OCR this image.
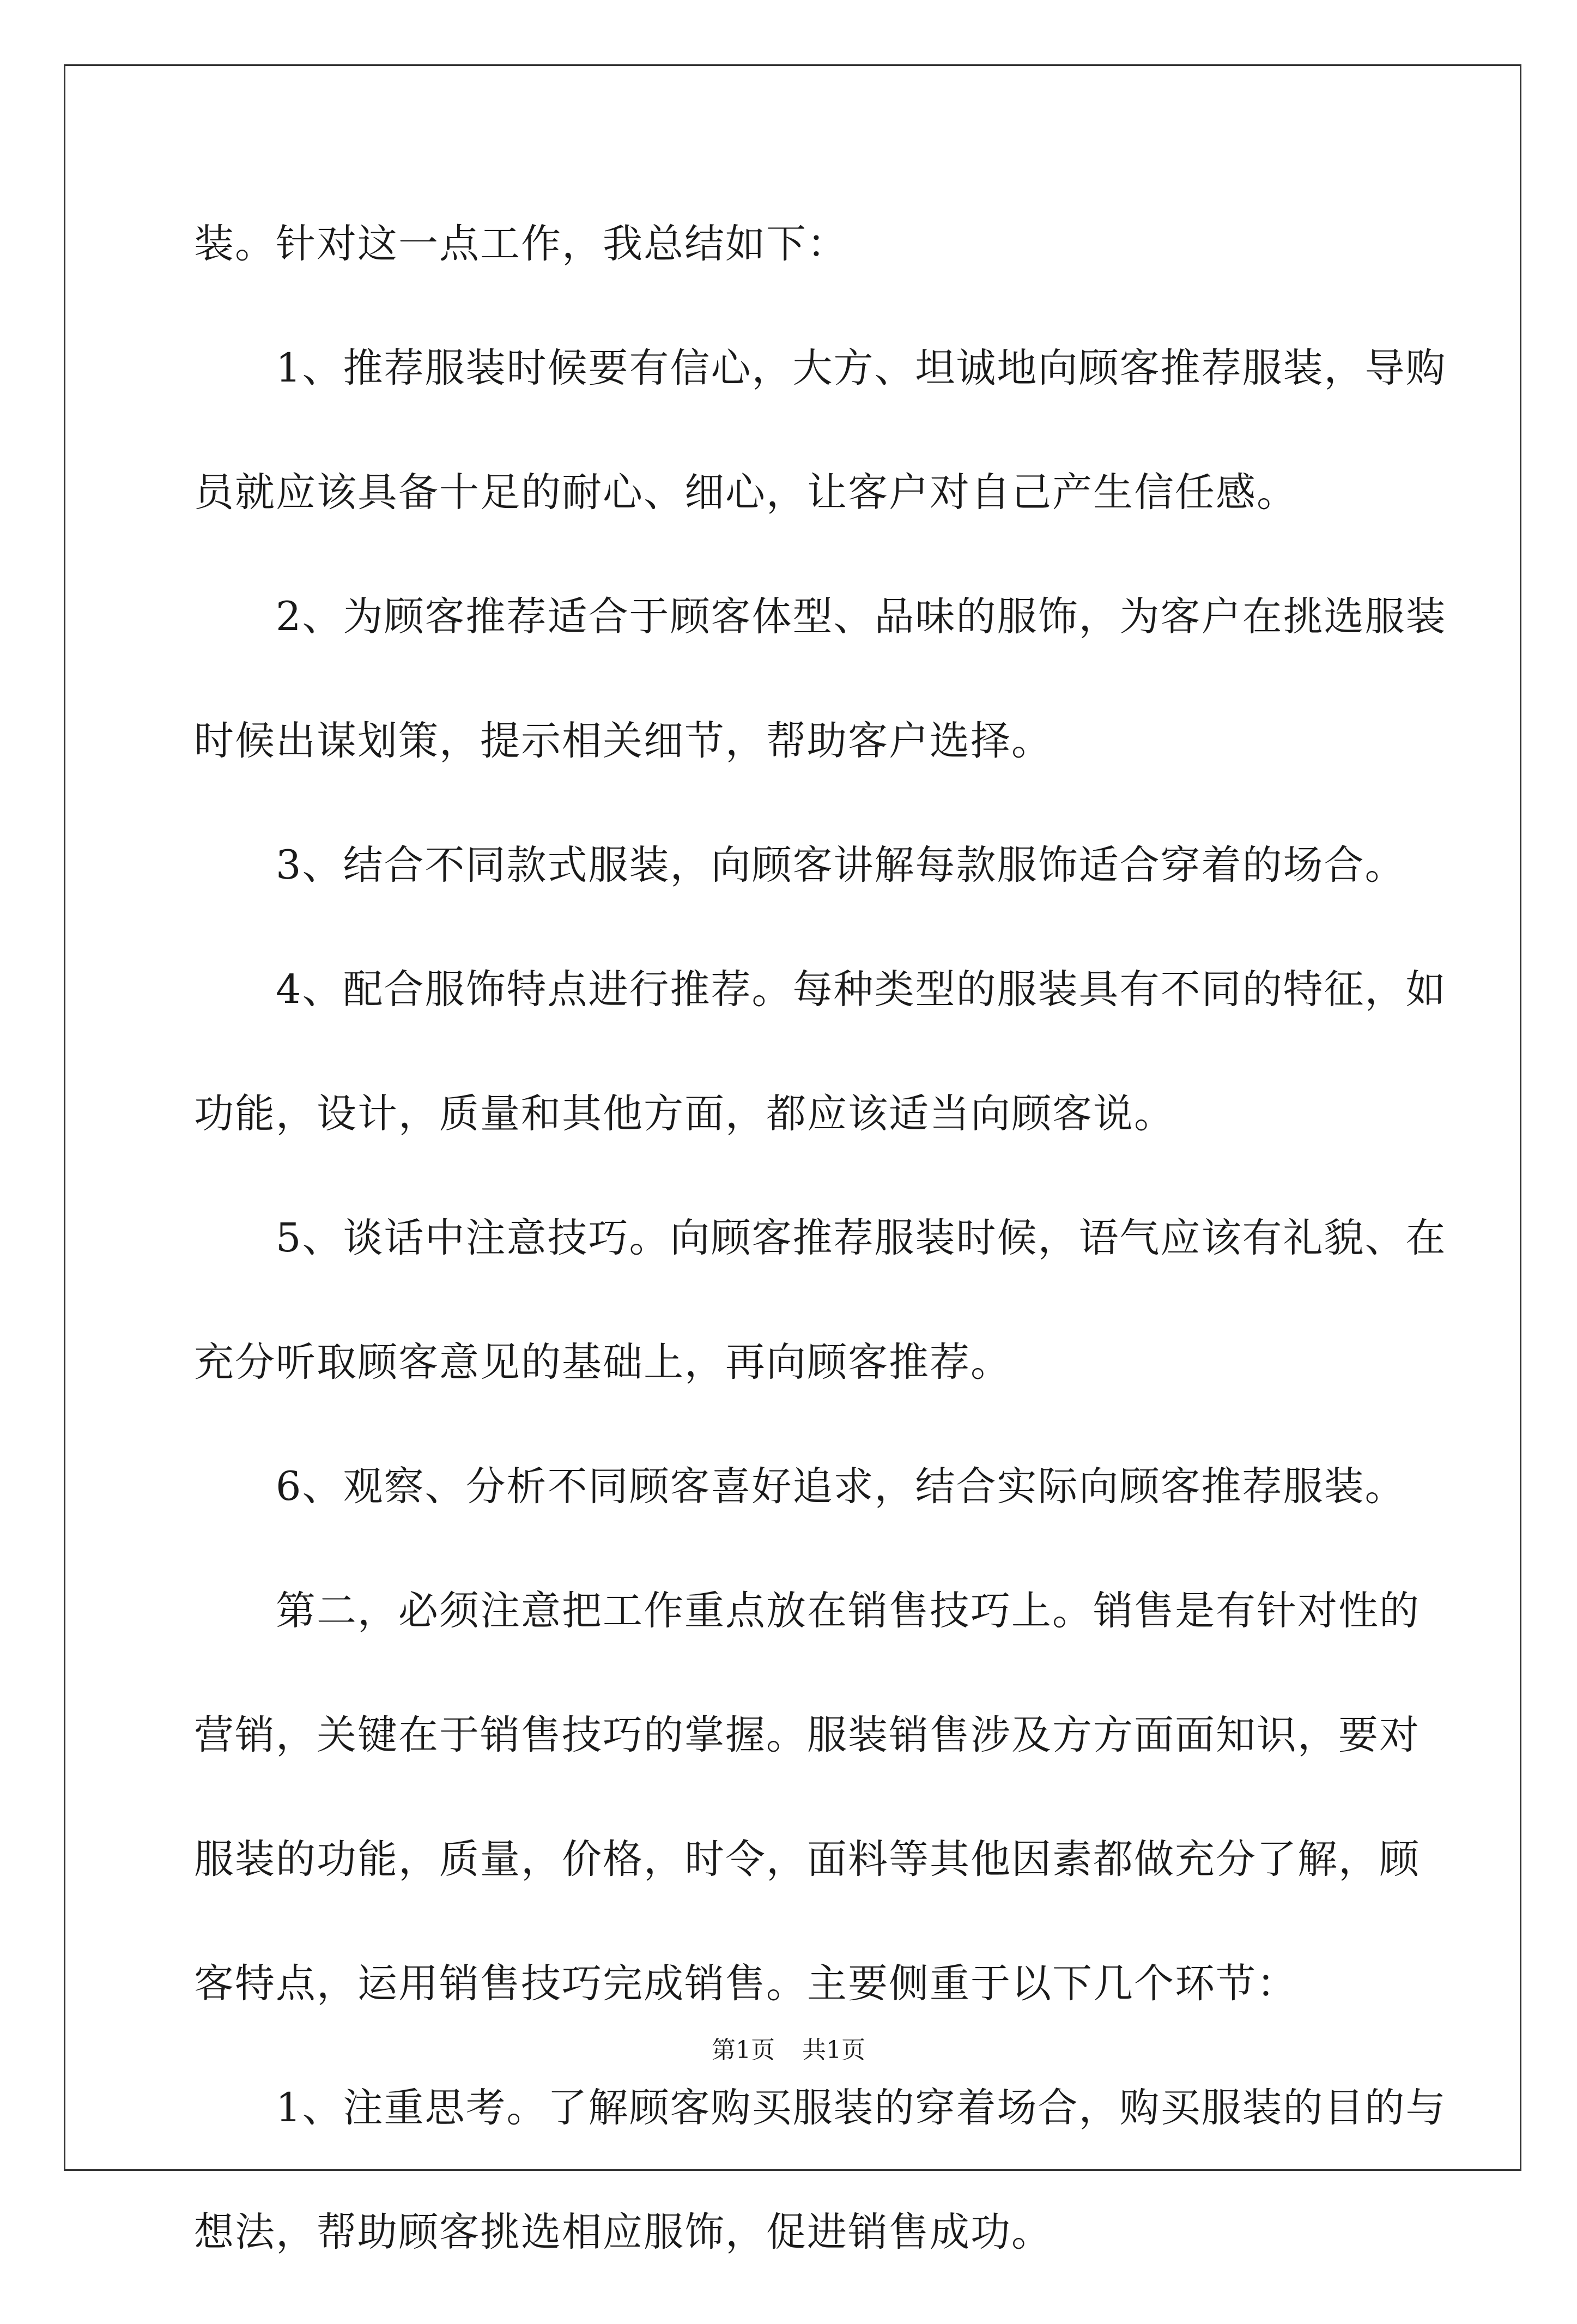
装。针对这一点工作，我总结如下：
1、推荐服装时候要有信心，大方、坦诚地向顾客推荐服装，导购
员就应该具备十足的耐心、细心，让客户对自己产生信任感。
2、为顾客推荐适合于顾客体型、品味的服饰，为客户在挑选服装
时候出谋划策，提示相关细节，帮助客户选择。
3、结合不同款式服装，向顾客讲解每款服饰适合穿着的场合。
4、配合服饰特点进行推荐。每种类型的服装具有不同的特征，如
功能，设计，质量和其他方面，都应该适当向顾客说。
5、谈话中注意技巧。向顾客推荐服装时候，语气应该有礼貌、在
充分听取顾客意见的基础上，再向顾客推荐。
6、观察、分析不同顾客喜好追求，结合实际向顾客推荐服装。
第二，必须注意把工作重点放在销售技巧上。销售是有针对性的
营销，关键在于销售技巧的掌握。服装销售涉及方方面面知识，要对
服装的功能，质量，价格，时令，面料等其他因素都做充分了解，顾
客特点，运用销售技巧完成销售。主要侧重于以下几个环节：
1、注重思考。了解顾客购买服装的穿着场合，购买服装的目的与
想法，帮助顾客挑选相应服饰，促进销售成功。
第1页 共1页
